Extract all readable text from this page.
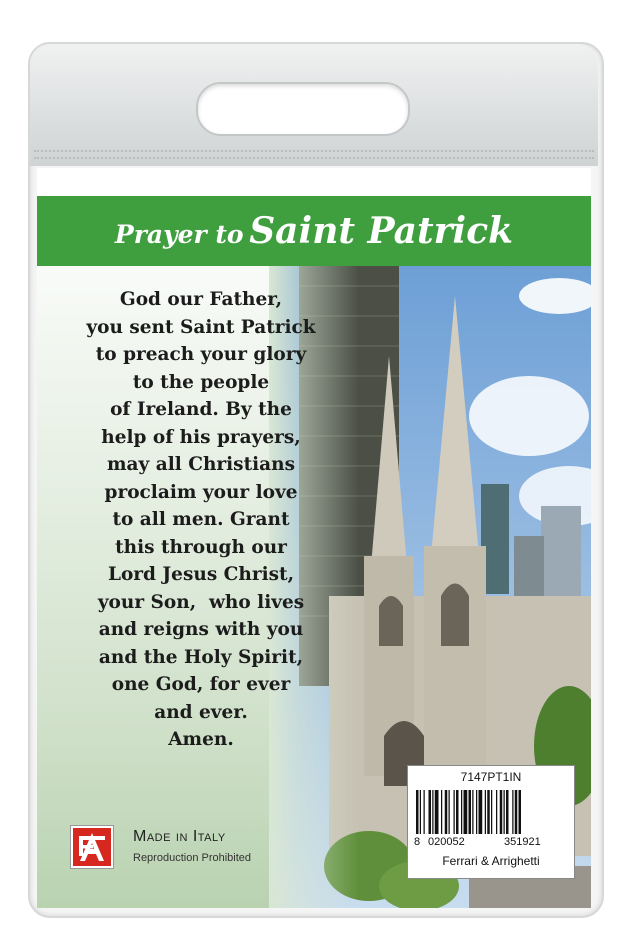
Prayer to Saint Patrick
God our Father,
you sent Saint Patrick
to preach your glory
to the people
of Ireland. By the
help of his prayers,
may all Christians
proclaim your love
to all men. Grant
this through our
Lord Jesus Christ,
your Son,  who lives
and reigns with you
and the Holy Spirit,
one God, for ever
and ever.
Amen.
Made in Italy
Reproduction Prohibited
7147PT1IN
8 020052	351921
Ferrari & Arrighetti
